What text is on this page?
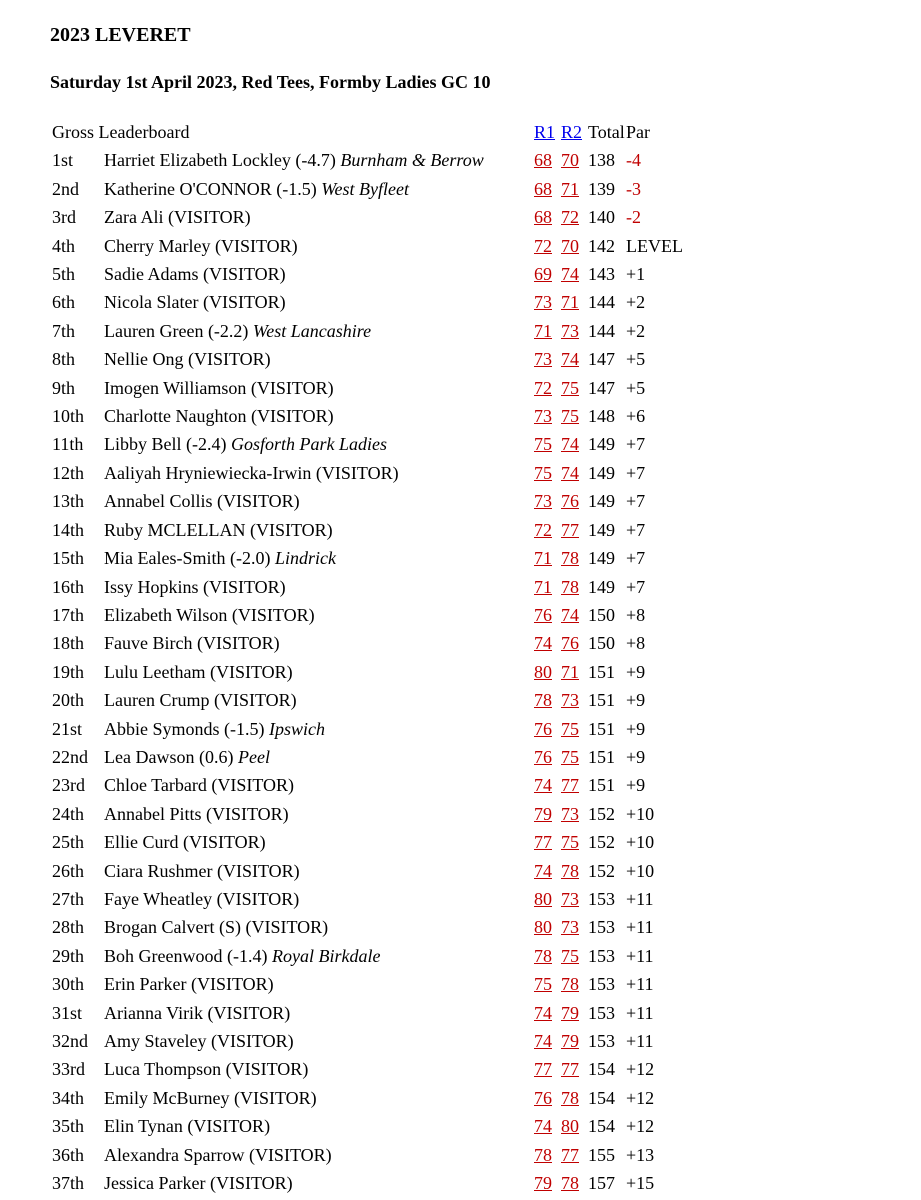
2023 LEVERET
Saturday 1st April 2023, Red Tees, Formby Ladies GC 10
Gross Leaderboard		R1	R2	Total	Par
1st	Harriet Elizabeth Lockley (-4.7) Burnham & Berrow	68	70	138	-4
2nd	Katherine O'CONNOR (-1.5) West Byfleet	68	71	139	-3
3rd	Zara Ali (VISITOR)	68	72	140	-2
4th	Cherry Marley (VISITOR)	72	70	142	LEVEL
5th	Sadie Adams (VISITOR)	69	74	143	+1
6th	Nicola Slater (VISITOR)	73	71	144	+2
7th	Lauren Green (-2.2) West Lancashire	71	73	144	+2
8th	Nellie Ong (VISITOR)	73	74	147	+5
9th	Imogen Williamson (VISITOR)	72	75	147	+5
10th	Charlotte Naughton (VISITOR)	73	75	148	+6
11th	Libby Bell (-2.4) Gosforth Park Ladies	75	74	149	+7
12th	Aaliyah Hryniewiecka-Irwin (VISITOR)	75	74	149	+7
13th	Annabel Collis (VISITOR)	73	76	149	+7
14th	Ruby MCLELLAN (VISITOR)	72	77	149	+7
15th	Mia Eales-Smith (-2.0) Lindrick	71	78	149	+7
16th	Issy Hopkins (VISITOR)	71	78	149	+7
17th	Elizabeth Wilson (VISITOR)	76	74	150	+8
18th	Fauve Birch (VISITOR)	74	76	150	+8
19th	Lulu Leetham (VISITOR)	80	71	151	+9
20th	Lauren Crump (VISITOR)	78	73	151	+9
21st	Abbie Symonds (-1.5) Ipswich	76	75	151	+9
22nd	Lea Dawson (0.6) Peel	76	75	151	+9
23rd	Chloe Tarbard (VISITOR)	74	77	151	+9
24th	Annabel Pitts (VISITOR)	79	73	152	+10
25th	Ellie Curd (VISITOR)	77	75	152	+10
26th	Ciara Rushmer (VISITOR)	74	78	152	+10
27th	Faye Wheatley (VISITOR)	80	73	153	+11
28th	Brogan Calvert (S) (VISITOR)	80	73	153	+11
29th	Boh Greenwood (-1.4) Royal Birkdale	78	75	153	+11
30th	Erin Parker (VISITOR)	75	78	153	+11
31st	Arianna Virik (VISITOR)	74	79	153	+11
32nd	Amy Staveley (VISITOR)	74	79	153	+11
33rd	Luca Thompson (VISITOR)	77	77	154	+12
34th	Emily McBurney (VISITOR)	76	78	154	+12
35th	Elin Tynan (VISITOR)	74	80	154	+12
36th	Alexandra Sparrow (VISITOR)	78	77	155	+13
37th	Jessica Parker (VISITOR)	79	78	157	+15
